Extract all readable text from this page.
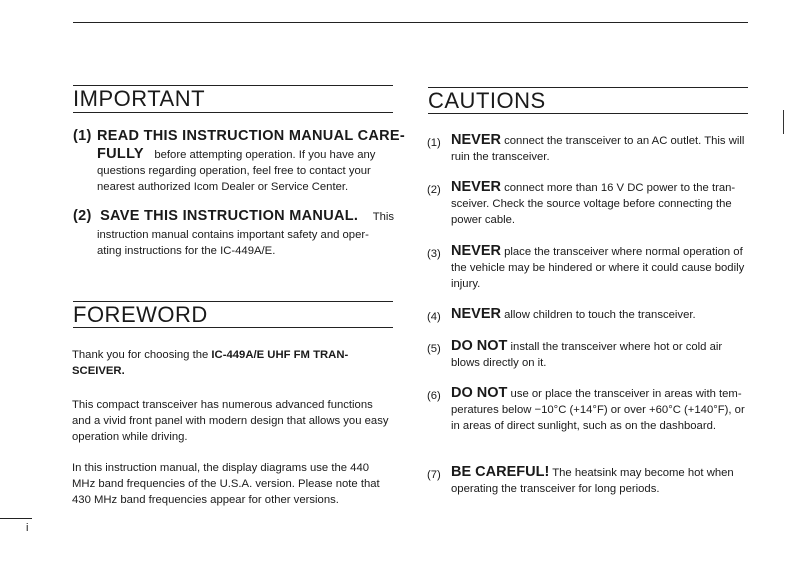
IMPORTANT
(1) READ THIS INSTRUCTION MANUAL CARE-
FULLY before attempting operation. If you have any
questions regarding operation, feel free to contact your
nearest authorized Icom Dealer or Service Center.
(2) SAVE THIS INSTRUCTION MANUAL. This
instruction manual contains important safety and oper-
ating instructions for the IC-449A/E.
FOREWORD
Thank you for choosing the IC-449A/E UHF FM TRAN-
SCEIVER.
This compact transceiver has numerous advanced functions and a vivid front panel with modern design that allows you easy operation while driving.
In this instruction manual, the display diagrams use the 440 MHz band frequencies of the U.S.A. version. Please note that 430 MHz band frequencies appear for other versions.
i
CAUTIONS
(1) NEVER connect the transceiver to an AC outlet. This will ruin the transceiver.
(2) NEVER connect more than 16 V DC power to the tran-sceiver. Check the source voltage before connecting the power cable.
(3) NEVER place the transceiver where normal operation of the vehicle may be hindered or where it could cause bodily injury.
(4) NEVER allow children to touch the transceiver.
(5) DO NOT install the transceiver where hot or cold air blows directly on it.
(6) DO NOT use or place the transceiver in areas with tem-peratures below −10°C (+14°F) or over +60°C (+140°F), or in areas of direct sunlight, such as on the dashboard.
(7) BE CAREFUL! The heatsink may become hot when operating the transceiver for long periods.
